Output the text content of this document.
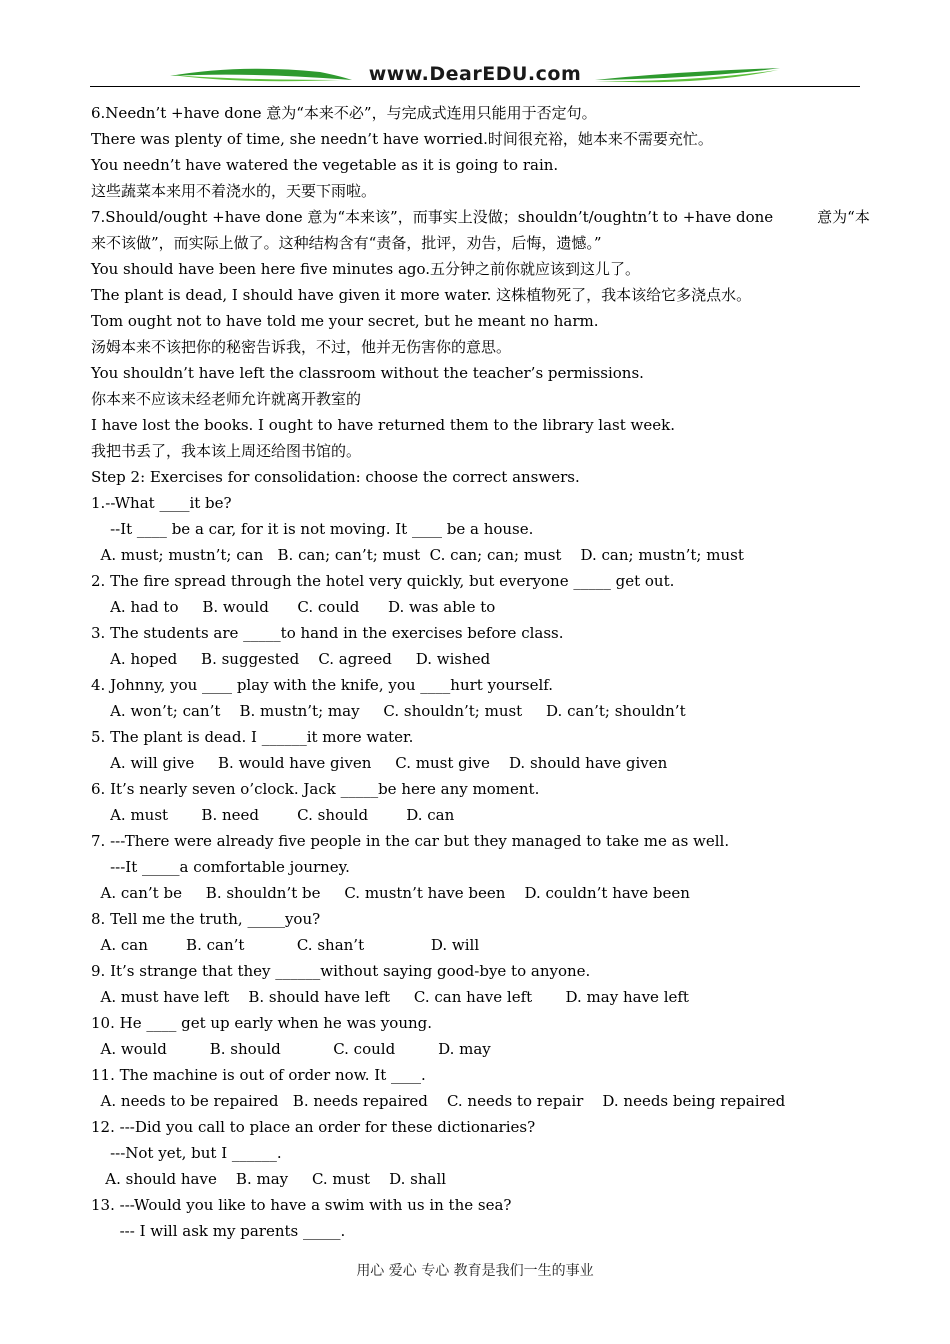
www.DearEDU.com
6.Needn’t +have done 意为“本来不必”，与完成式连用只能用于否定句。
There was plenty of time, she needn’t have worried.时间很充裕，她本来不需要充忙。
You needn’t have watered the vegetable as it is going to rain.
这些蔬菜本来用不着浇水的，天要下雨啦。
7.Should/ought +have done 意为“本来该”，而事实上没做；shouldn’t/oughtn’t to +have done	意为“本
来不该做”，而实际上做了。这种结构含有“责备，批评，劝告，后悔，遗憾。”
You should have been here five minutes ago.五分钟之前你就应该到这儿了。
The plant is dead, I should have given it more water. 这株植物死了，我本该给它多浇点水。
Tom ought not to have told me your secret, but he meant no harm.
汤姆本来不该把你的秘密告诉我，不过，他并无伤害你的意思。
You shouldn’t have left the classroom without the teacher’s permissions.
你本来不应该未经老师允许就离开教室的
I have lost the books. I ought to have returned them to the library last week.
我把书丢了，我本该上周还给图书馆的。
Step 2: Exercises for consolidation: choose the correct answers.
1.--What ____it be?
--It ____ be a car, for it is not moving. It ____ be a house.
A. must; mustn’t; can   B. can; can’t; must  C. can; can; must    D. can; mustn’t; must
2. The fire spread through the hotel very quickly, but everyone _____ get out.
A. had to     B. would      C. could      D. was able to
3. The students are _____to hand in the exercises before class.
A. hoped     B. suggested    C. agreed     D. wished
4. Johnny, you ____ play with the knife, you ____hurt yourself.
A. won’t; can’t    B. mustn’t; may     C. shouldn’t; must     D. can’t; shouldn’t
5. The plant is dead. I ______it more water.
A. will give     B. would have given     C. must give    D. should have given
6. It’s nearly seven o’clock. Jack _____be here any moment.
A. must       B. need        C. should        D. can
7. ---There were already five people in the car but they managed to take me as well.
---It _____a comfortable journey.
A. can’t be     B. shouldn’t be     C. mustn’t have been    D. couldn’t have been
8. Tell me the truth, _____you?
A. can        B. can’t           C. shan’t              D. will
9. It’s strange that they ______without saying good-bye to anyone.
A. must have left    B. should have left     C. can have left       D. may have left
10. He ____ get up early when he was young.
A. would         B. should           C. could         D. may
11. The machine is out of order now. It ____.
A. needs to be repaired   B. needs repaired    C. needs to repair    D. needs being repaired
12. ---Did you call to place an order for these dictionaries?
---Not yet, but I ______.
A. should have    B. may     C. must    D. shall
13. ---Would you like to have a swim with us in the sea?
--- I will ask my parents _____.
用心 爱心 专心 教育是我们一生的事业
